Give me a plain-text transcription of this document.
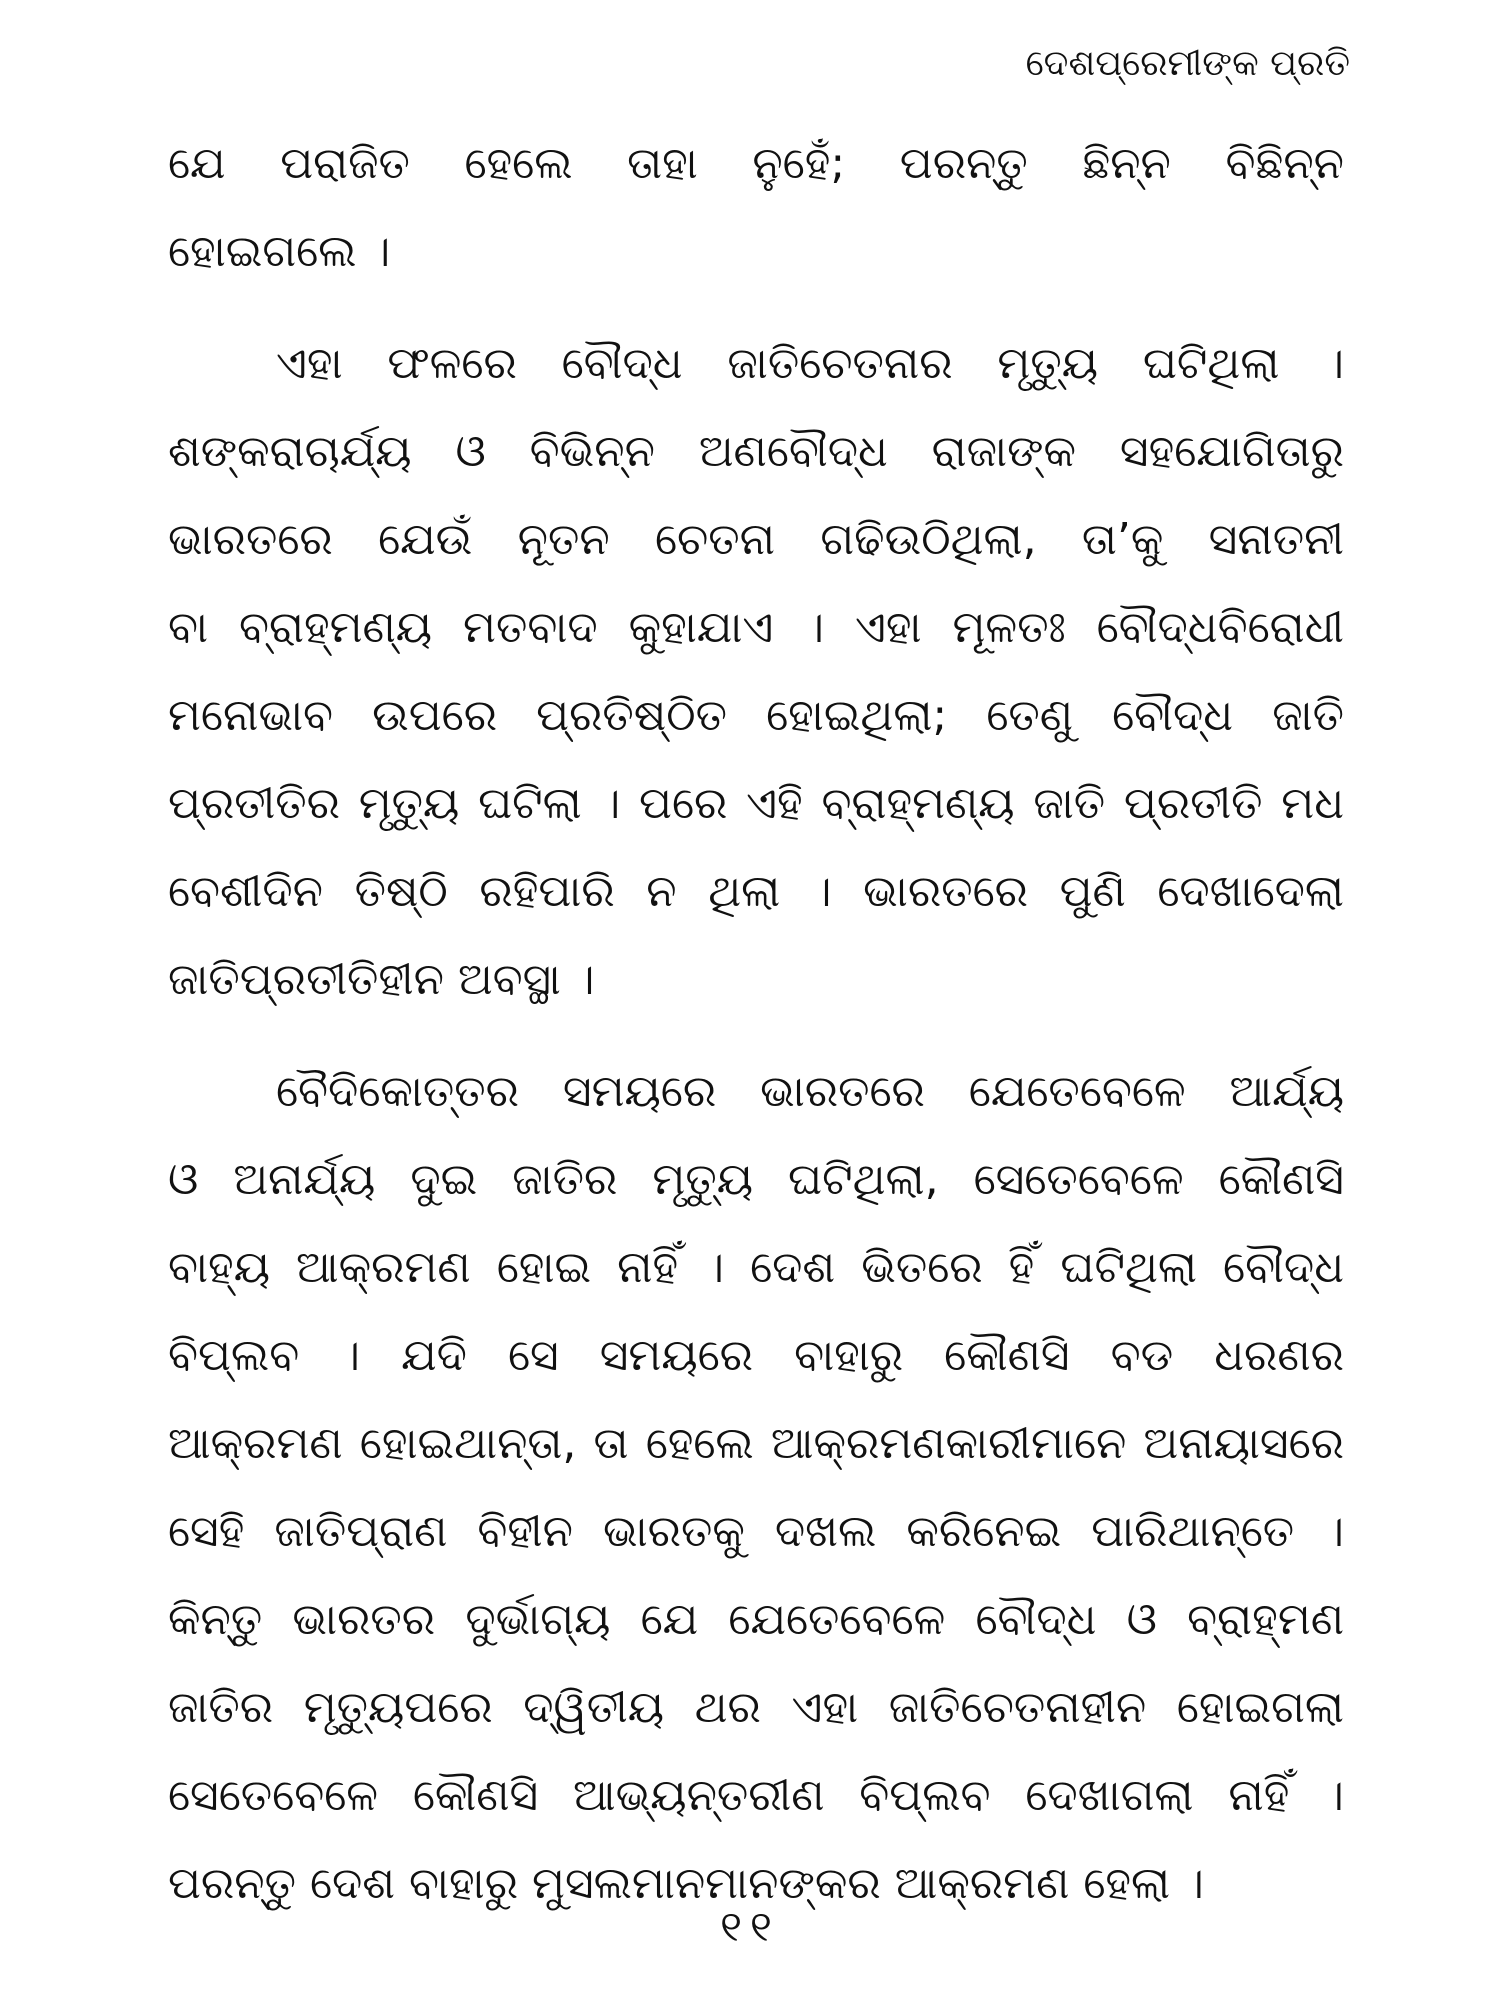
ଦେଶପ୍ରେମୀଙ୍କ ପ୍ରତି
ଯେ ପରାଜିତ ହେଲେ ତାହା ନୁହେଁ; ପରନ୍ତୁ ଛିନ୍ନ ବିଛିନ୍ନ
ହୋଇଗଲେ ।
ଏହା ଫଳରେ ବୌଦ୍ଧ ଜାତିଚେତନାର ମୃତ୍ୟୁ ଘଟିଥିଲା ।
ଶଙ୍କରାଚାର୍ଯ୍ୟ ଓ ବିଭିନ୍ନ ଅଣବୌଦ୍ଧ ରାଜାଙ୍କ ସହଯୋଗିତାରୁ
ଭାରତରେ ଯେଉଁ ନୂତନ ଚେତନା ଗଢିଉଠିଥିଲା, ତା’କୁ ସନାତନୀ
ବା ବ୍ରାହ୍ମଣ୍ୟ ମତବାଦ କୁହାଯାଏ । ଏହା ମୂଳତଃ ବୌଦ୍ଧବିରୋଧୀ
ମନୋଭାବ ଉପରେ ପ୍ରତିଷ୍ଠିତ ହୋଇଥିଲା; ତେଣୁ ବୌଦ୍ଧ ଜାତି
ପ୍ରତୀତିର ମୃତ୍ୟୁ ଘଟିଲା । ପରେ ଏହି ବ୍ରାହ୍ମଣ୍ୟ ଜାତି ପ୍ରତୀତି ମଧ
ବେଶୀଦିନ ତିଷ୍ଠି ରହିପାରି ନ ଥିଲା । ଭାରତରେ ପୁଣି ଦେଖାଦେଲା
ଜାତିପ୍ରତୀତିହୀନ ଅବସ୍ଥା ।
ବୈଦିକୋତ୍ତର ସମୟରେ ଭାରତରେ ଯେତେବେଳେ ଆର୍ଯ୍ୟ
ଓ ଅନାର୍ଯ୍ୟ ଦୁଇ ଜାତିର ମୃତ୍ୟୁ ଘଟିଥିଲା, ସେତେବେଳେ କୌଣସି
ବାହ୍ୟ ଆକ୍ରମଣ ହୋଇ ନାହିଁ । ଦେଶ ଭିତରେ ହିଁ ଘଟିଥିଲା ବୌଦ୍ଧ
ବିପ୍ଲବ । ଯଦି ସେ ସମୟରେ ବାହାରୁ କୌଣସି ବଡ ଧରଣର
ଆକ୍ରମଣ ହୋଇଥାନ୍ତା, ତା ହେଲେ ଆକ୍ରମଣକାରୀମାନେ ଅନାୟାସରେ
ସେହି ଜାତିପ୍ରାଣ ବିହୀନ ଭାରତକୁ ଦଖଲ କରିନେଇ ପାରିଥାନ୍ତେ ।
କିନ୍ତୁ ଭାରତର ଦୁର୍ଭାଗ୍ୟ ଯେ ଯେତେବେଳେ ବୌଦ୍ଧ ଓ ବ୍ରାହ୍ମଣ
ଜାତିର ମୃତ୍ୟୁପରେ ଦ୍ୱିତୀୟ ଥର ଏହା ଜାତିଚେତନାହୀନ ହୋଇଗଲା
ସେତେବେଳେ କୌଣସି ଆଭ୍ୟନ୍ତରୀଣ ବିପ୍ଲବ ଦେଖାଗଲା ନାହିଁ ।
ପରନ୍ତୁ ଦେଶ ବାହାରୁ ମୁସଲମାନମାନଙ୍କର ଆକ୍ରମଣ ହେଲା ।
୧୧
